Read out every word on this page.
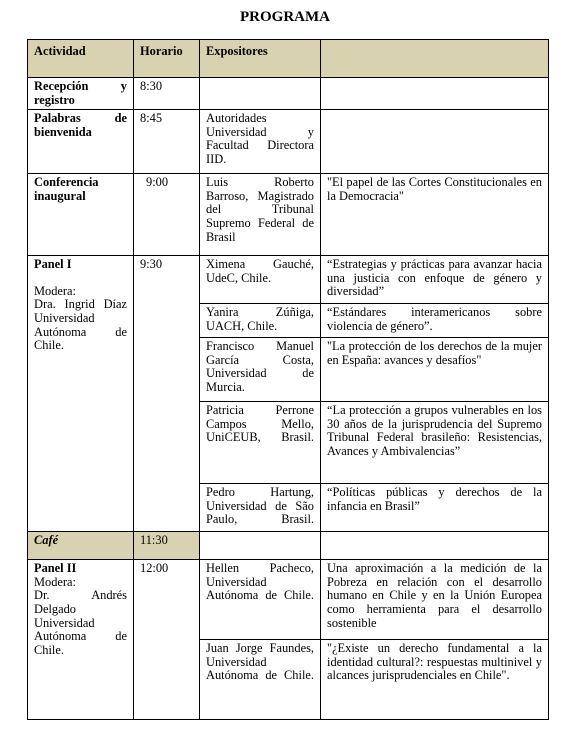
PROGRAMA
Actividad	Horario	Expositores	
Recepción y registro	8:30		
Palabras de bienvenida	8:45	Autoridades Universidad y Facultad Directora IID.	
Conferencia inaugural	9:00	Luis Roberto Barroso, Magistrado del Tribunal Supremo Federal de Brasil	"El papel de las Cortes Constitucionales en la Democracia"

Panel I
Modera:
Dra. Ingrid Díaz Universidad Autónoma de Chile.	9:30	Ximena Gauché, UdeC, Chile.	“Estrategias y prácticas para avanzar hacia una justicia con enfoque de género y diversidad”
		Yanira Zúñiga, UACH, Chile.	“Estándares interamericanos sobre violencia de género”.
		Francisco Manuel García Costa, Universidad de Murcia.	"La protección de los derechos de la mujer en España: avances y desafíos"
		Patricia Perrone Campos Mello, UniCEUB, Brasil.	“La protección a grupos vulnerables en los 30 años de la jurisprudencia del Supremo Tribunal Federal brasileño: Resistencias, Avances y Ambivalencias”
		Pedro Hartung, Universidad de São Paulo, Brasil.	“Políticas públicas y derechos de la infancia en Brasil”
Café	11:30		

Panel II
Modera:
Dr. Andrés Delgado Universidad Autónoma de Chile.	12:00	Hellen Pacheco, Universidad Autónoma de Chile.	Una aproximación a la medición de la Pobreza en relación con el desarrollo humano en Chile y en la Unión Europea como herramienta para el desarrollo sostenible
		Juan Jorge Faundes, Universidad Autónoma de Chile.	"¿Existe un derecho fundamental a la identidad cultural?: respuestas multinivel y alcances jurisprudenciales en Chile".
